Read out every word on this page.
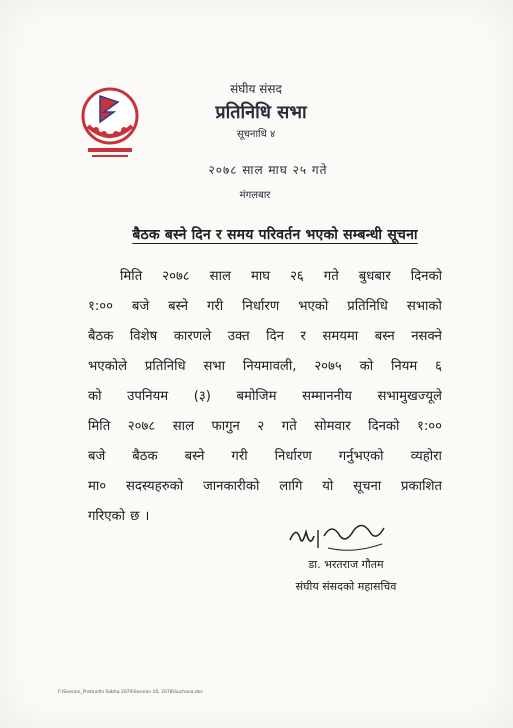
संघीय संसद
प्रतिनिधि सभा
सूचनाधि ४
२०७८ साल माघ २५ गते
मंगलबार
बैठक बस्ने दिन र समय परिवर्तन भएको सम्बन्धी सूचना
मिति २०७८ साल माघ २६ गते बुधबार दिनको
१:०० बजे बस्ने गरी निर्धारण भएको प्रतिनिधि सभाको
बैठक विशेष कारणले उक्त दिन र समयमा बस्न नसक्ने
भएकोले प्रतिनिधि सभा नियमावली, २०७५ को नियम ६
को उपनियम (३) बमोजिम सम्माननीय सभामुखज्यूले
मिति २०७८ साल फागुन २ गते सोमवार दिनको १:००
बजे बैठक बस्ने गरी निर्धारण गर्नुभएको व्यहोरा
मा० सदस्यहरुको जानकारीको लागि यो सूचना प्रकाशित
गरिएको छ ।
डा. भरतराज गौतम
संघीय संसदको महासचिव
F:\Session_Pratinidhi Sabha 2074\Session 10, 2078\Suchana.doc
